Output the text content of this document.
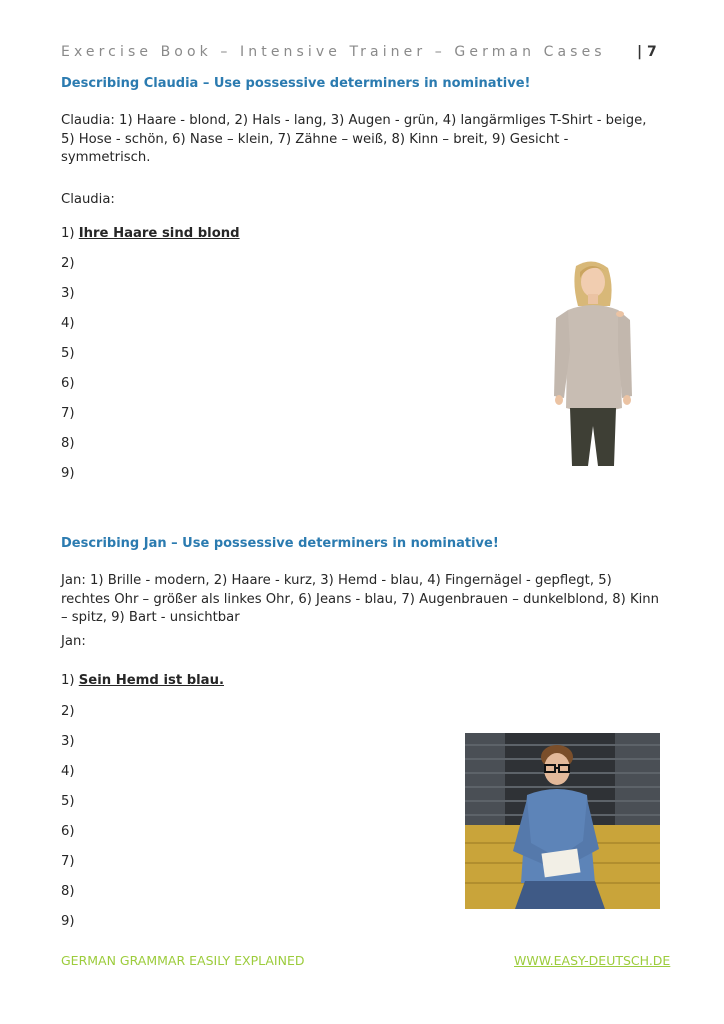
Exercise Book – Intensive Trainer – German Cases | 7
Describing Claudia – Use possessive determiners in nominative!
Claudia: 1) Haare - blond, 2) Hals - lang, 3) Augen - grün, 4) langärmliges T-Shirt - beige, 5) Hose - schön, 6) Nase – klein, 7) Zähne – weiß, 8) Kinn – breit, 9) Gesicht - symmetrisch.
Claudia:
1) Ihre Haare sind blond
2)
3)
4)
5)
6)
7)
8)
9)
Describing Jan – Use possessive determiners in nominative!
Jan: 1) Brille - modern, 2) Haare - kurz, 3) Hemd - blau, 4) Fingernägel - gepflegt, 5) rechtes Ohr – größer als linkes Ohr, 6) Jeans - blau, 7) Augenbrauen – dunkelblond, 8) Kinn – spitz, 9) Bart - unsichtbar
Jan:
1) Sein Hemd ist blau.
2)
3)
4)
5)
6)
7)
8)
9)
GERMAN GRAMMAR EASILY EXPLAINED	WWW.EASY-DEUTSCH.DE
